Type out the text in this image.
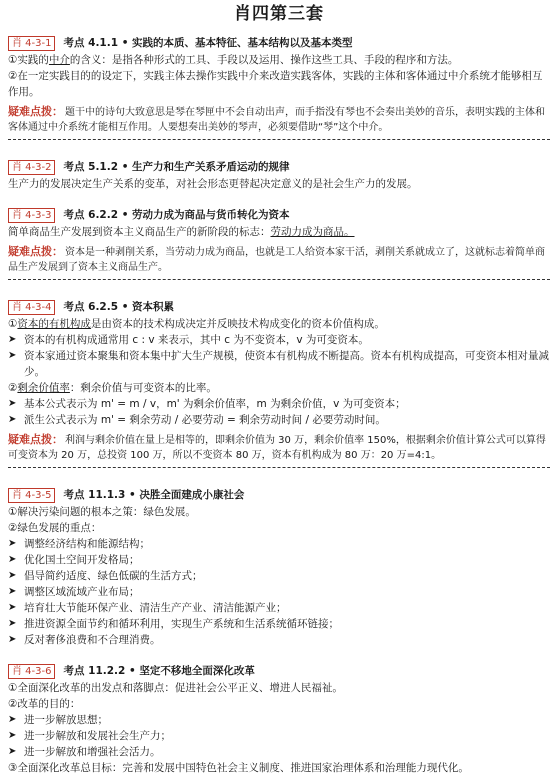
肖四第三套
肖 4-3-1	考点 4.1.1 • 实践的本质、基本特征、基本结构以及基本类型
①实践的中介的含义：是指各种形式的工具、手段以及运用、操作这些工具、手段的程序和方法。
②在一定实践目的的设定下，实践主体去操作实践中介来改造实践客体，实践的主体和客体通过中介系统才能够相互作用。
疑难点拨： 题干中的诗句大致意思是琴在琴匣中不会自动出声，而手指没有琴也不会奏出美妙的音乐，表明实践的主体和客体通过中介系统才能相互作用。人要想奏出美妙的琴声，必须要借助“琴”这个中介。
肖 4-3-2	考点 5.1.2 • 生产力和生产关系矛盾运动的规律
生产力的发展决定生产关系的变革，对社会形态更替起决定意义的是社会生产力的发展。
肖 4-3-3	考点 6.2.2 • 劳动力成为商品与货币转化为资本
简单商品生产发展到资本主义商品生产的新阶段的标志：劳动力成为商品。
疑难点拨： 资本是一种剥削关系，当劳动力成为商品，也就是工人给资本家干活，剥削关系就成立了，这就标志着简单商品生产发展到了资本主义商品生产。
肖 4-3-4	考点 6.2.5 • 资本积累
①资本的有机构成是由资本的技术构成决定并反映技术构成变化的资本价值构成。
➤ 资本的有机构成通常用 c : v 来表示，其中 c 为不变资本，v 为可变资本。
➤ 资本家通过资本聚集和资本集中扩大生产规模，使资本有机构成不断提高。资本有机构成提高，可变资本相对量减少。
②剩余价值率：剩余价值与可变资本的比率。
➤ 基本公式表示为 m' = m / v，m' 为剩余价值率，m 为剩余价值，v 为可变资本；
➤ 派生公式表示为 m' = 剩余劳动 / 必要劳动 = 剩余劳动时间 / 必要劳动时间。
疑难点拨： 利润与剩余价值在量上是相等的，即剩余价值为 30 万，剩余价值率 150%，根据剩余价值计算公式可以算得可变资本为 20 万，总投资 100 万，所以不变资本 80 万，资本有机构成为 80 万：20 万=4:1。
肖 4-3-5	考点 11.1.3 • 决胜全面建成小康社会
①解决污染问题的根本之策：绿色发展。
②绿色发展的重点：
➤ 调整经济结构和能源结构；
➤ 优化国土空间开发格局；
➤ 倡导简约适度、绿色低碳的生活方式；
➤ 调整区域流域产业布局；
➤ 培育壮大节能环保产业、清洁生产产业、清洁能源产业；
➤ 推进资源全面节约和循环利用，实现生产系统和生活系统循环链接；
➤ 反对奢侈浪费和不合理消费。
肖 4-3-6	考点 11.2.2 • 坚定不移地全面深化改革
①全面深化改革的出发点和落脚点：促进社会公平正义、增进人民福祉。
②改革的目的：
➤ 进一步解放思想；
➤ 进一步解放和发展社会生产力；
➤ 进一步解放和增强社会活力。
③全面深化改革总目标：完善和发展中国特色社会主义制度、推进国家治理体系和治理能力现代化。
